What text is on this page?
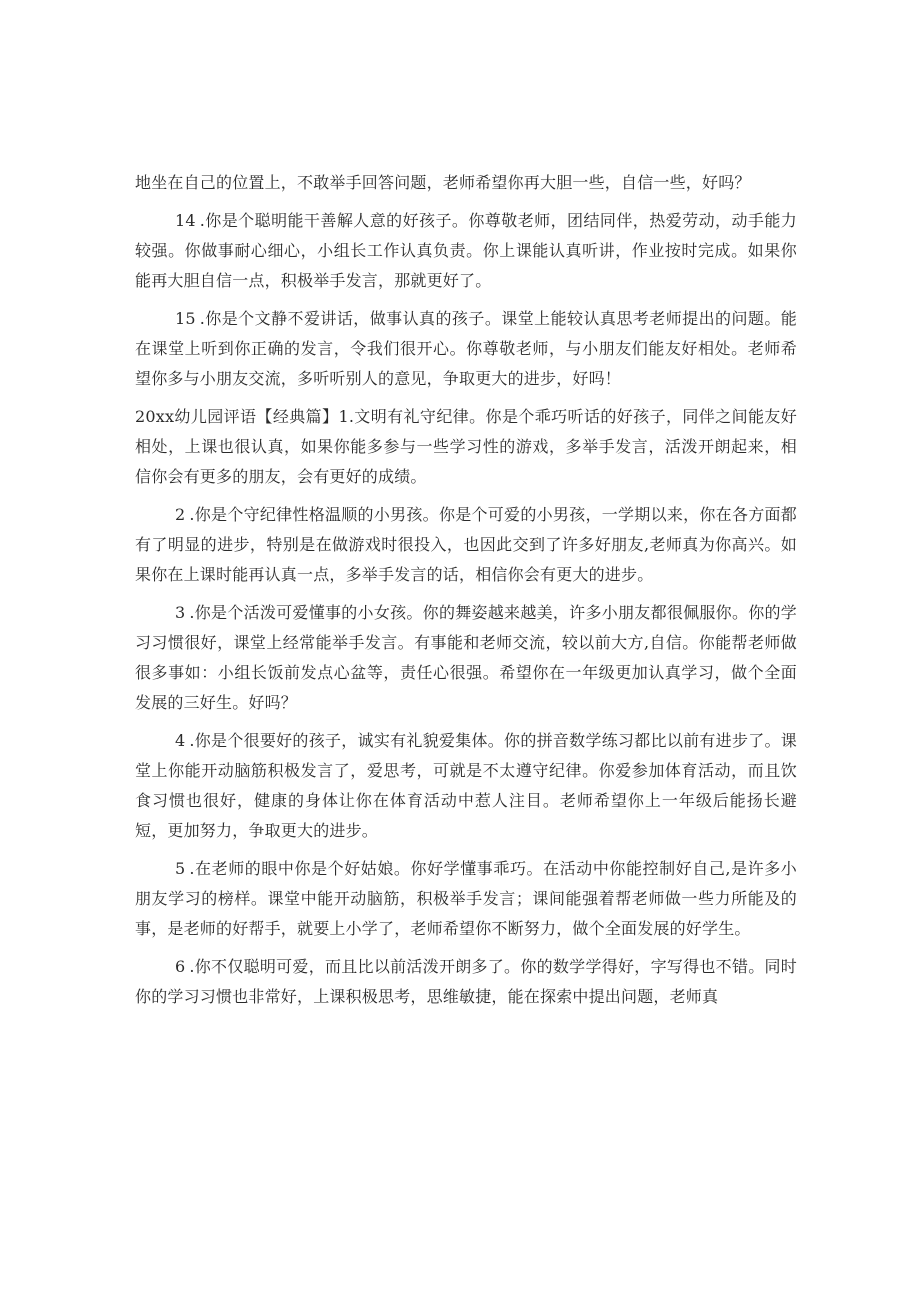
地坐在自己的位置上，不敢举手回答问题，老师希望你再大胆一些，自信一些，好吗？

14 .你是个聪明能干善解人意的好孩子。你尊敬老师，团结同伴，热爱劳动，动手能力较强。你做事耐心细心，小组长工作认真负责。你上课能认真听讲，作业按时完成。如果你能再大胆自信一点，积极举手发言，那就更好了。

15 .你是个文静不爱讲话，做事认真的孩子。课堂上能较认真思考老师提出的问题。能在课堂上听到你正确的发言，令我们很开心。你尊敬老师，与小朋友们能友好相处。老师希望你多与小朋友交流，多听听别人的意见，争取更大的进步，好吗！

20xx幼儿园评语【经典篇】1.文明有礼守纪律。你是个乖巧听话的好孩子，同伴之间能友好相处，上课也很认真，如果你能多参与一些学习性的游戏，多举手发言，活泼开朗起来，相信你会有更多的朋友，会有更好的成绩。

2 .你是个守纪律性格温顺的小男孩。你是个可爱的小男孩，一学期以来，你在各方面都有了明显的进步，特别是在做游戏时很投入，也因此交到了许多好朋友,老师真为你高兴。如果你在上课时能再认真一点，多举手发言的话，相信你会有更大的进步。

3 .你是个活泼可爱懂事的小女孩。你的舞姿越来越美，许多小朋友都很佩服你。你的学习习惯很好，课堂上经常能举手发言。有事能和老师交流，较以前大方,自信。你能帮老师做很多事如：小组长饭前发点心盆等，责任心很强。希望你在一年级更加认真学习，做个全面发展的三好生。好吗？

4 .你是个很要好的孩子，诚实有礼貌爱集体。你的拼音数学练习都比以前有进步了。课堂上你能开动脑筋积极发言了，爱思考，可就是不太遵守纪律。你爱参加体育活动，而且饮食习惯也很好，健康的身体让你在体育活动中惹人注目。老师希望你上一年级后能扬长避短，更加努力，争取更大的进步。

5 .在老师的眼中你是个好姑娘。你好学懂事乖巧。在活动中你能控制好自己,是许多小朋友学习的榜样。课堂中能开动脑筋，积极举手发言；课间能强着帮老师做一些力所能及的事，是老师的好帮手，就要上小学了，老师希望你不断努力，做个全面发展的好学生。

6 .你不仅聪明可爱，而且比以前活泼开朗多了。你的数学学得好，字写得也不错。同时你的学习习惯也非常好，上课积极思考，思维敏捷，能在探索中提出问题，老师真
